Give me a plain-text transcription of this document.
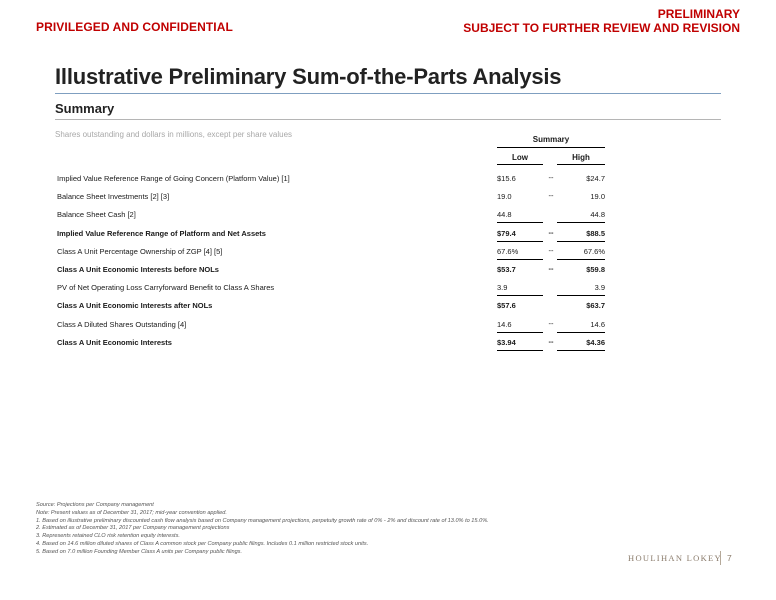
PRIVILEGED AND CONFIDENTIAL
PRELIMINARY
SUBJECT TO FURTHER REVIEW AND REVISION
Illustrative Preliminary Sum-of-the-Parts Analysis
Summary
Shares outstanding and dollars in millions, except per share values
Summary
Low	High
Implied Value Reference Range of Going Concern (Platform Value) [1]	$15.6	--	$24.7
Balance Sheet Investments [2] [3]	19.0	--	19.0
Balance Sheet Cash [2]	44.8	44.8
Implied Value Reference Range of Platform and Net Assets	$79.4	--	$88.5
Class A Unit Percentage Ownership of ZGP [4] [5]	67.6%	--	67.6%
Class A Unit Economic Interests before NOLs	$53.7	--	$59.8
PV of Net Operating Loss Carryforward Benefit to Class A Shares	3.9	3.9
Class A Unit Economic Interests after NOLs	$57.6	$63.7
Class A Diluted Shares Outstanding [4]	14.6	--	14.6
Class A Unit Economic Interests	$3.94	--	$4.36
Source: Projections per Company management
Note: Present values as of December 31, 2017; mid-year convention applied.
1. Based on illustrative preliminary discounted cash flow analysis based on Company management projections, perpetuity growth rate of 0% - 2% and discount rate of 13.0% to 15.0%.
2. Estimated as of December 31, 2017 per Company management projections
3. Represents retained CLO risk retention equity interests.
4. Based on 14.6 million diluted shares of Class A common stock per Company public filings. Includes 0.1 million restricted stock units.
5. Based on 7.0 million Founding Member Class A units per Company public filings.
HOULIHAN LOKEY 7
